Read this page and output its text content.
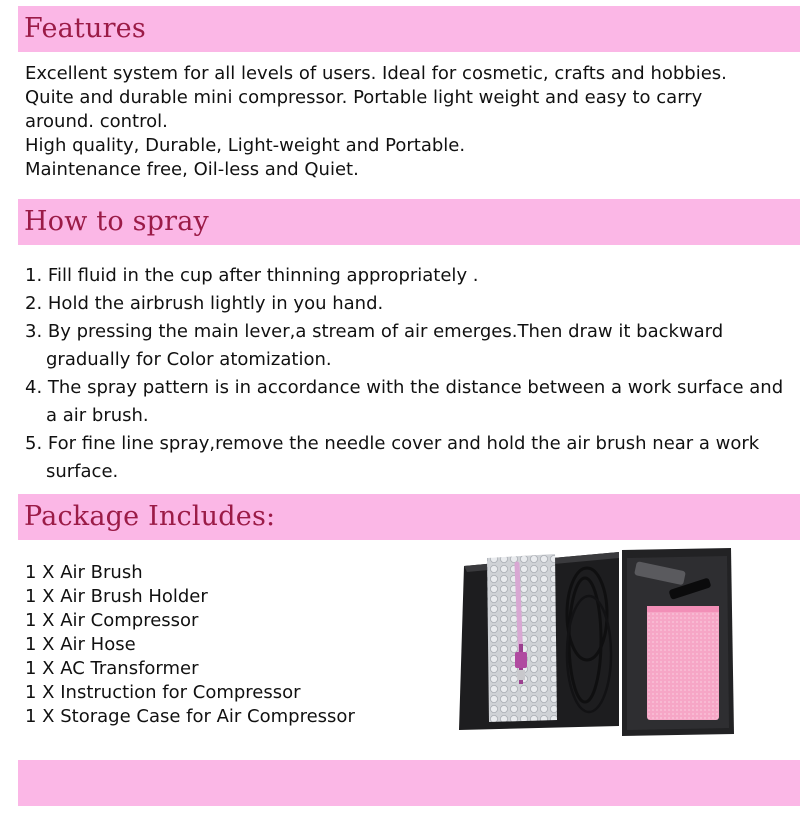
Features

Excellent system for all levels of users. Ideal for cosmetic, crafts and hobbies.

Quite and durable mini compressor. Portable light weight and easy to carry

around. control.

High quality, Durable, Light-weight and Portable.

Maintenance free, Oil-less and Quiet.

How to spray
1. Fill fluid in the cup after thinning appropriately .
2. Hold the airbrush lightly in you hand.
3. By pressing the main lever,a stream of air emerges.Then draw it backward gradually for Color atomization.
4. The spray pattern is in accordance with the distance between a work surface and a air brush.
5. For fine line spray,remove the needle cover and hold the air brush near a work surface.
Package Includes:
1 X Air Brush
1 X Air Brush Holder
1 X Air Compressor
1 X Air Hose
1 X AC Transformer
1 X Instruction for Compressor
1 X Storage Case for Air Compressor
